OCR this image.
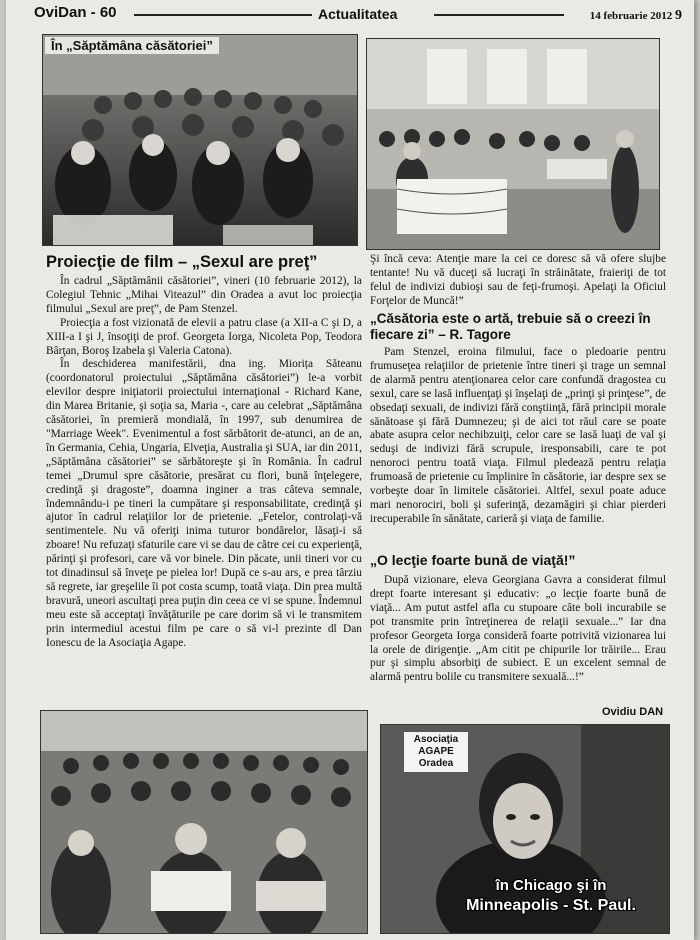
OviDan - 60	Actualitatea	14 februarie 2012 9
În „Săptămâna căsătoriei”
Proiecţie de film – „Sexul are preţ”

În cadrul „Săptămânii căsătoriei”, vineri (10 februarie 2012), la Colegiul Tehnic „Mihai Viteazul” din Oradea a avut loc proiecţia filmului „Sexul are preţ”, de Pam Stenzel.

Proiecţia a fost vizionată de elevii a patru clase (a XII-a C şi D, a XIII-a I şi J, însoţiţi de prof. Georgeta Iorga, Nicoleta Pop, Teodora Bârţan, Boroş Izabela şi Valeria Catona).

În deschiderea manifestării, dna ing. Miorița Săteanu (coordonatorul proiectului „Săptămâna căsătoriei”) le-a vorbit elevilor despre iniţiatorii proiectului internaţional - Richard Kane, din Marea Britanie, şi soţia sa, Maria -, care au celebrat „Săptămâna căsătoriei, în premieră mondială, în 1997, sub denumirea de "Marriage Week". Evenimentul a fost sărbătorit de-atunci, an de an, în Germania, Cehia, Ungaria, Elveţia, Australia şi SUA, iar din 2011, „Săptămâna căsătoriei” se sărbătoreşte şi în România. În cadrul temei „Drumul spre căsătorie, presărat cu flori, bună înţelegere, credinţă şi dragoste”, doamna inginer a tras câteva semnale, îndemnându-i pe tineri la cumpătare şi responsabilitate, credinţă şi ajutor în cadrul relaţiilor lor de prietenie. „Fetelor, controlaţi-vă sentimentele. Nu vă oferiţi inima tuturor bondărelor, lăsaţi-i să zboare! Nu refuzaţi sfaturile care vi se dau de către cei cu experienţă, părinţi şi profesori, care vă vor binele. Din păcate, unii tineri vor cu tot dinadinsul să înveţe pe pielea lor! După ce s-au ars, e prea târziu să regrete, iar greşelile îi pot costa scump, toată viaţa. Din prea multă bravură, uneori ascultaţi prea puţin din ceea ce vi se spune. Îndemnul meu este să acceptaţi învăţăturile pe care dorim să vi le transmitem prin intermediul acestui film pe care o să vi-l prezinte dl Dan Ionescu de la Asociaţia Agape.

Şi încă ceva: Atenţie mare la cei ce doresc să vă ofere slujbe tentante! Nu vă duceţi să lucraţi în străinătate, fraieriţi de tot felul de indivizi dubioşi sau de feţi-frumoşi. Apelaţi la Oficiul Forţelor de Muncă!”

„Căsătoria este o artă, trebuie să o creezi în fiecare zi” – R. Tagore

Pam Stenzel, eroina filmului, face o pledoarie pentru frumuseţea relaţiilor de prietenie între tineri şi trage un semnal de alarmă pentru atenţionarea celor care confundă dragostea cu sexul, care se lasă influenţaţi şi înşelaţi de „prinţi şi prinţese”, de obsedaţi sexuali, de indivizi fără conştiinţă, fără principii morale sănătoase şi fără Dumnezeu; şi de aici tot răul care se poate abate asupra celor nechibzuiţi, celor care se lasă luaţi de val şi seduşi de indivizi fără scrupule, iresponsabili, care te pot nenoroci pentru toată viaţa. Filmul pledează pentru relaţia frumoasă de prietenie cu împlinire în căsătorie, iar despre sex se vorbeşte doar în limitele căsătoriei. Altfel, sexul poate aduce mari nenorociri, boli şi suferinţă, dezamăgiri şi chiar pierderi irecuperabile în sănătate, carieră şi viaţa de familie.

„O lecţie foarte bună de viaţă!”

După vizionare, eleva Georgiana Gavra a considerat filmul drept foarte interesant şi educativ: „o lecţie foarte bună de viaţă... Am putut astfel afla cu stupoare câte boli incurabile se pot transmite prin întreţinerea de relaţii sexuale...” Iar dna profesor Georgeta Iorga consideră foarte potrivită vizionarea lui la orele de dirigenţie. „Am citit pe chipurile lor trăirile... Erau pur şi simplu absorbiţi de subiect. E un excelent semnal de alarmă pentru bolile cu transmitere sexuală...!”

Ovidiu DAN
Asociaţia
AGAPE
Oradea
în Chicago şi în
Minneapolis - St. Paul.
